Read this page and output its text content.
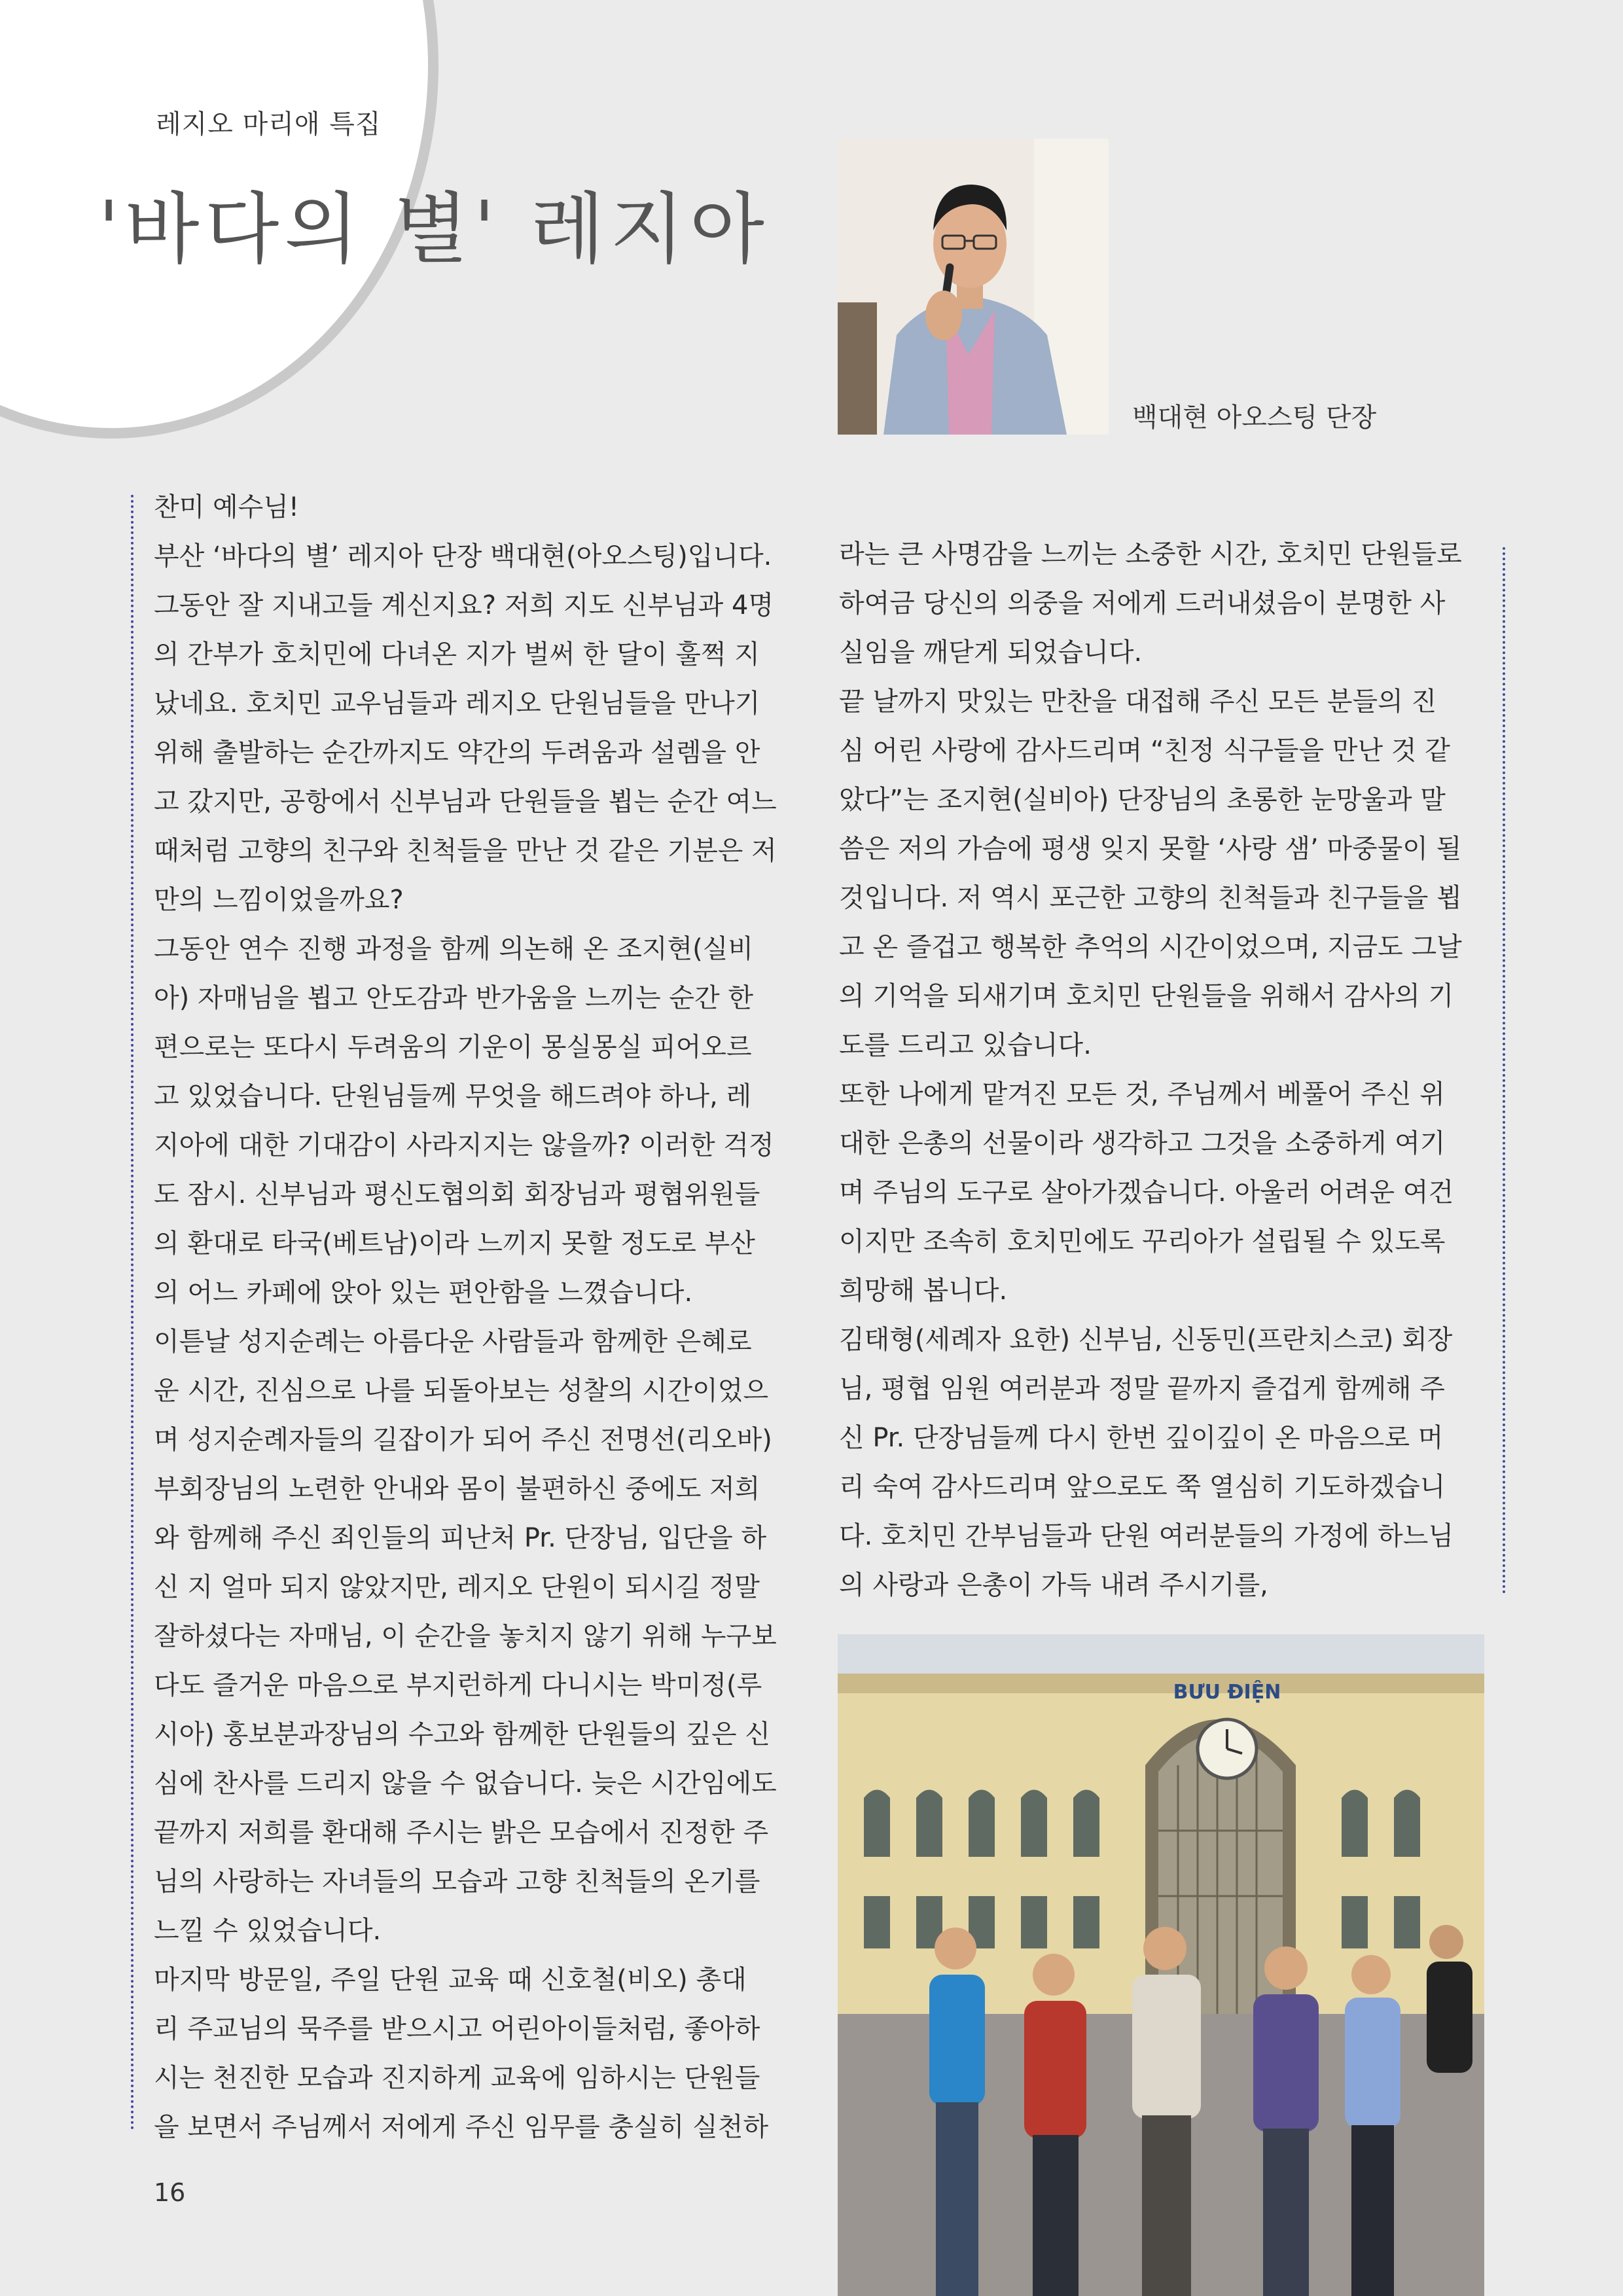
레지오 마리애 특집
'바다의 별' 레지아
백대현 아오스팅 단장

찬미 예수님!

부산 ‘바다의 별’ 레지아 단장 백대현(아오스팅)입니다.

그동안 잘 지내고들 계신지요? 저희 지도 신부님과 4명

의 간부가 호치민에 다녀온 지가 벌써 한 달이 훌쩍 지

났네요. 호치민 교우님들과 레지오 단원님들을 만나기

위해 출발하는 순간까지도 약간의 두려움과 설렘을 안

고 갔지만, 공항에서 신부님과 단원들을 뵙는 순간 여느

때처럼 고향의 친구와 친척들을 만난 것 같은 기분은 저

만의 느낌이었을까요?

그동안 연수 진행 과정을 함께 의논해 온 조지현(실비

아) 자매님을 뵙고 안도감과 반가움을 느끼는 순간 한

편으로는 또다시 두려움의 기운이 몽실몽실 피어오르

고 있었습니다. 단원님들께 무엇을 해드려야 하나, 레

지아에 대한 기대감이 사라지지는 않을까? 이러한 걱정

도 잠시. 신부님과 평신도협의회 회장님과 평협위원들

의 환대로 타국(베트남)이라 느끼지 못할 정도로 부산

의 어느 카페에 앉아 있는 편안함을 느꼈습니다.

이튿날 성지순례는 아름다운 사람들과 함께한 은혜로

운 시간, 진심으로 나를 되돌아보는 성찰의 시간이었으

며 성지순례자들의 길잡이가 되어 주신 전명선(리오바)

부회장님의 노련한 안내와 몸이 불편하신 중에도 저희

와 함께해 주신 죄인들의 피난처 Pr. 단장님, 입단을 하

신 지 얼마 되지 않았지만, 레지오 단원이 되시길 정말

잘하셨다는 자매님, 이 순간을 놓치지 않기 위해 누구보

다도 즐거운 마음으로 부지런하게 다니시는 박미정(루

시아) 홍보분과장님의 수고와 함께한 단원들의 깊은 신

심에 찬사를 드리지 않을 수 없습니다. 늦은 시간임에도

끝까지 저희를 환대해 주시는 밝은 모습에서 진정한 주

님의 사랑하는 자녀들의 모습과 고향 친척들의 온기를

느낄 수 있었습니다.

마지막 방문일, 주일 단원 교육 때 신호철(비오) 총대

리 주교님의 묵주를 받으시고 어린아이들처럼, 좋아하

시는 천진한 모습과 진지하게 교육에 임하시는 단원들

을 보면서 주님께서 저에게 주신 임무를 충실히 실천하

라는 큰 사명감을 느끼는 소중한 시간, 호치민 단원들로

하여금 당신의 의중을 저에게 드러내셨음이 분명한 사

실임을 깨닫게 되었습니다.

끝 날까지 맛있는 만찬을 대접해 주신 모든 분들의 진

심 어린 사랑에 감사드리며 “친정 식구들을 만난 것 같

았다”는 조지현(실비아) 단장님의 초롱한 눈망울과 말

씀은 저의 가슴에 평생 잊지 못할 ‘사랑 샘’ 마중물이 될

것입니다. 저 역시 포근한 고향의 친척들과 친구들을 뵙

고 온 즐겁고 행복한 추억의 시간이었으며, 지금도 그날

의 기억을 되새기며 호치민 단원들을 위해서 감사의 기

도를 드리고 있습니다.

또한 나에게 맡겨진 모든 것, 주님께서 베풀어 주신 위

대한 은총의 선물이라 생각하고 그것을 소중하게 여기

며 주님의 도구로 살아가겠습니다. 아울러 어려운 여건

이지만 조속히 호치민에도 꾸리아가 설립될 수 있도록

희망해 봅니다.

김태형(세례자 요한) 신부님, 신동민(프란치스코) 회장

님, 평협 임원 여러분과 정말 끝까지 즐겁게 함께해 주

신 Pr. 단장님들께 다시 한번 깊이깊이 온 마음으로 머

리 숙여 감사드리며 앞으로도 쭉 열심히 기도하겠습니

다. 호치민 간부님들과 단원 여러분들의 가정에 하느님

의 사랑과 은총이 가득 내려 주시기를,

BƯU ĐIỆN
16
